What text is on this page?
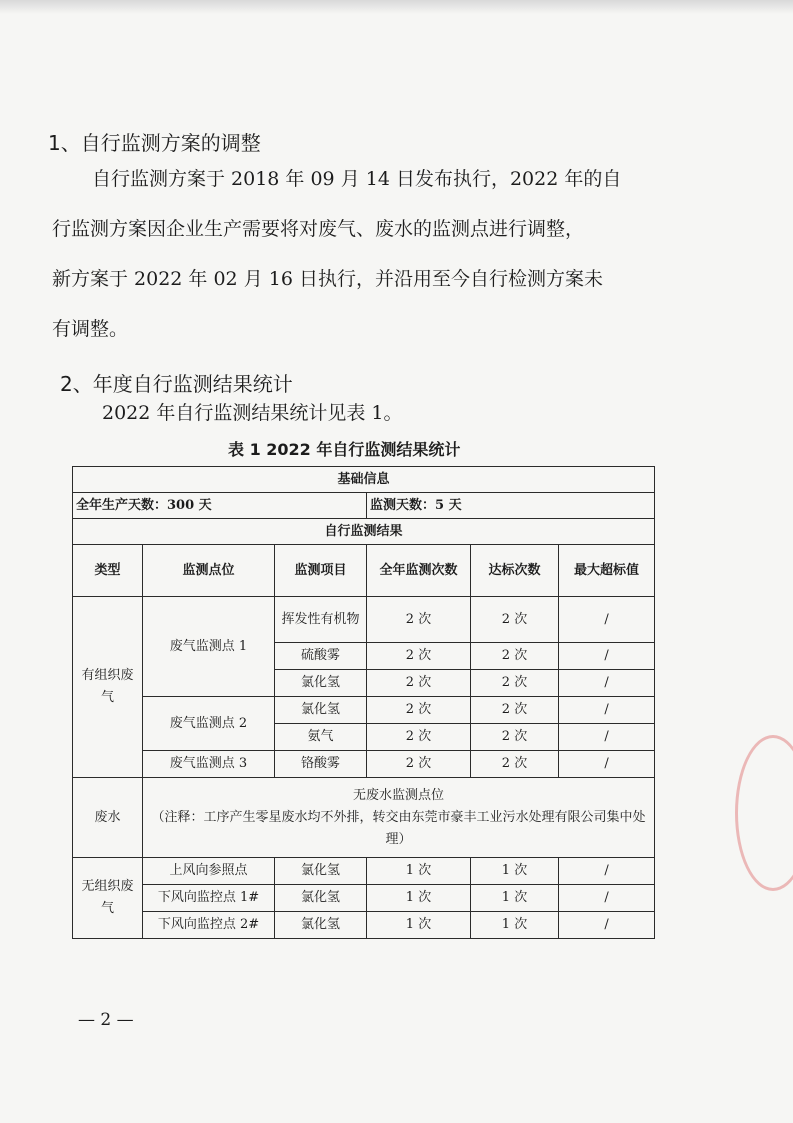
1、自行监测方案的调整
自行监测方案于 2018 年 09 月 14 日发布执行，2022 年的自
行监测方案因企业生产需要将对废气、废水的监测点进行调整，
新方案于 2022 年 02 月 16 日执行，并沿用至今自行检测方案未
有调整。
2、年度自行监测结果统计
2022 年自行监测结果统计见表 1。
表 1 2022 年自行监测结果统计
基础信息					
全年生产天数：300 天			监测天数：5 天		
自行监测结果					
类型	监测点位	监测项目	全年监测次数	达标次数	最大超标值
有组织废气	废气监测点 1	挥发性有机物	2 次	2 次	/
		硫酸雾	2 次	2 次	/
		氯化氢	2 次	2 次	/
	废气监测点 2	氯化氢	2 次	2 次	/
		氨气	2 次	2 次	/
	废气监测点 3	铬酸雾	2 次	2 次	/
废水	无废水监测点位
（注释：工序产生零星废水均不外排，转交由东莞市豪丰工业污水处理有限公司集中处理）				

无组织废气	上风向参照点	氯化氢	1 次	1 次	/
	下风向监控点 1#	氯化氢	1 次	1 次	/
	下风向监控点 2#	氯化氢	1 次	1 次	/
— 2 —
